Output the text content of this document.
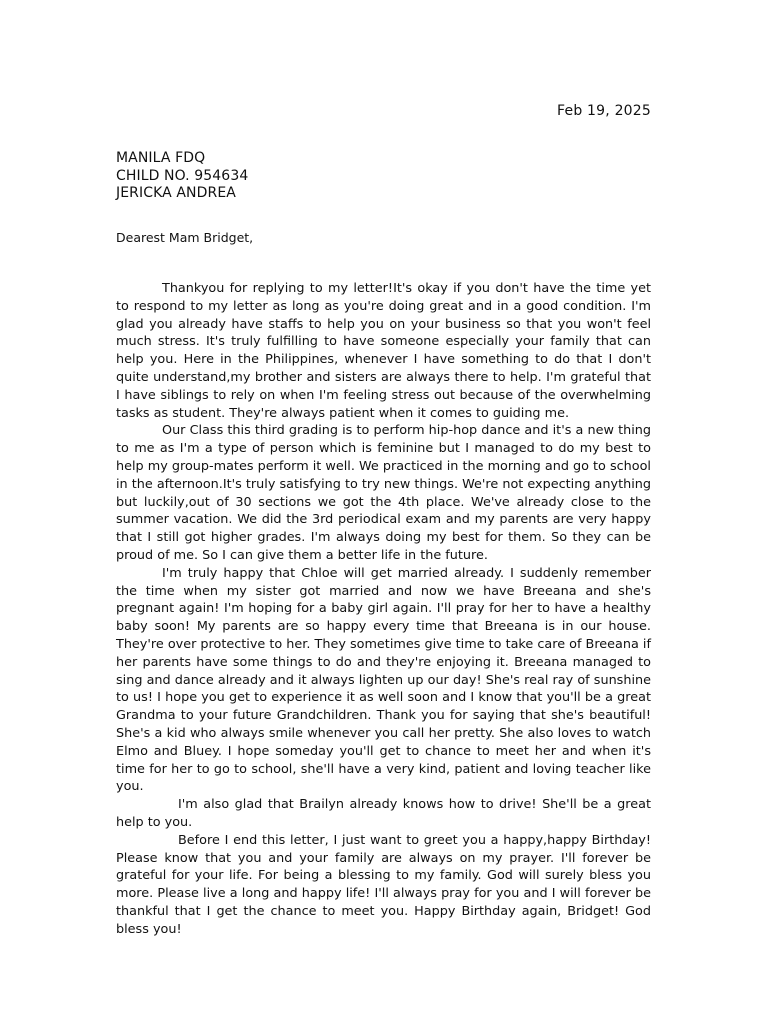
Feb 19, 2025
MANILA FDQ
CHILD NO. 954634
JERICKA ANDREA
Dearest Mam Bridget,

Thankyou for replying to my letter!It's okay if you don't have the time yet to respond to my letter as long as you're doing great and in a good condition. I'm glad you already have staffs to help you on your business so that you won't feel much stress. It's truly fulfilling to have someone especially your family that can help you. Here in the Philippines, whenever I have something to do that I don't quite understand,my brother and sisters are always there to help. I'm grateful that I have siblings to rely on when I'm feeling stress out because of the overwhelming tasks as student. They're always patient when it comes to guiding me.

Our Class this third grading is to perform hip-hop dance and it's a new thing to me as I'm a type of person which is feminine but I managed to do my best to help my group-mates perform it well. We practiced in the morning and go to school in the afternoon.It's truly satisfying to try new things. We're not expecting anything but luckily,out of 30 sections we got the 4th place. We've already close to the summer vacation. We did the 3rd periodical exam and my parents are very happy that I still got higher grades. I'm always doing my best for them. So they can be proud of me. So I can give them a better life in the future.

I'm truly happy that Chloe will get married already. I suddenly remember the time when my sister got married and now we have Breeana and she's pregnant again! I'm hoping for a baby girl again. I'll pray for her to have a healthy baby soon! My parents are so happy every time that Breeana is in our house. They're over protective to her. They sometimes give time to take care of Breeana if her parents have some things to do and they're enjoying it. Breeana managed to sing and dance already and it always lighten up our day! She's real ray of sunshine to us! I hope you get to experience it as well soon and I know that you'll be a great Grandma to your future Grandchildren. Thank you for saying that she's beautiful! She's a kid who always smile whenever you call her pretty. She also loves to watch Elmo and Bluey. I hope someday you'll get to chance to meet her and when it's time for her to go to school, she'll have a very kind, patient and loving teacher like you.

I'm also glad that Brailyn already knows how to drive! She'll be a great help to you.

Before I end this letter, I just want to greet you a happy,happy Birthday! Please know that you and your family are always on my prayer. I'll forever be grateful for your life. For being a blessing to my family. God will surely bless you more. Please live a long and happy life! I'll always pray for you and I will forever be thankful that I get the chance to meet you. Happy Birthday again, Bridget! God bless you!
